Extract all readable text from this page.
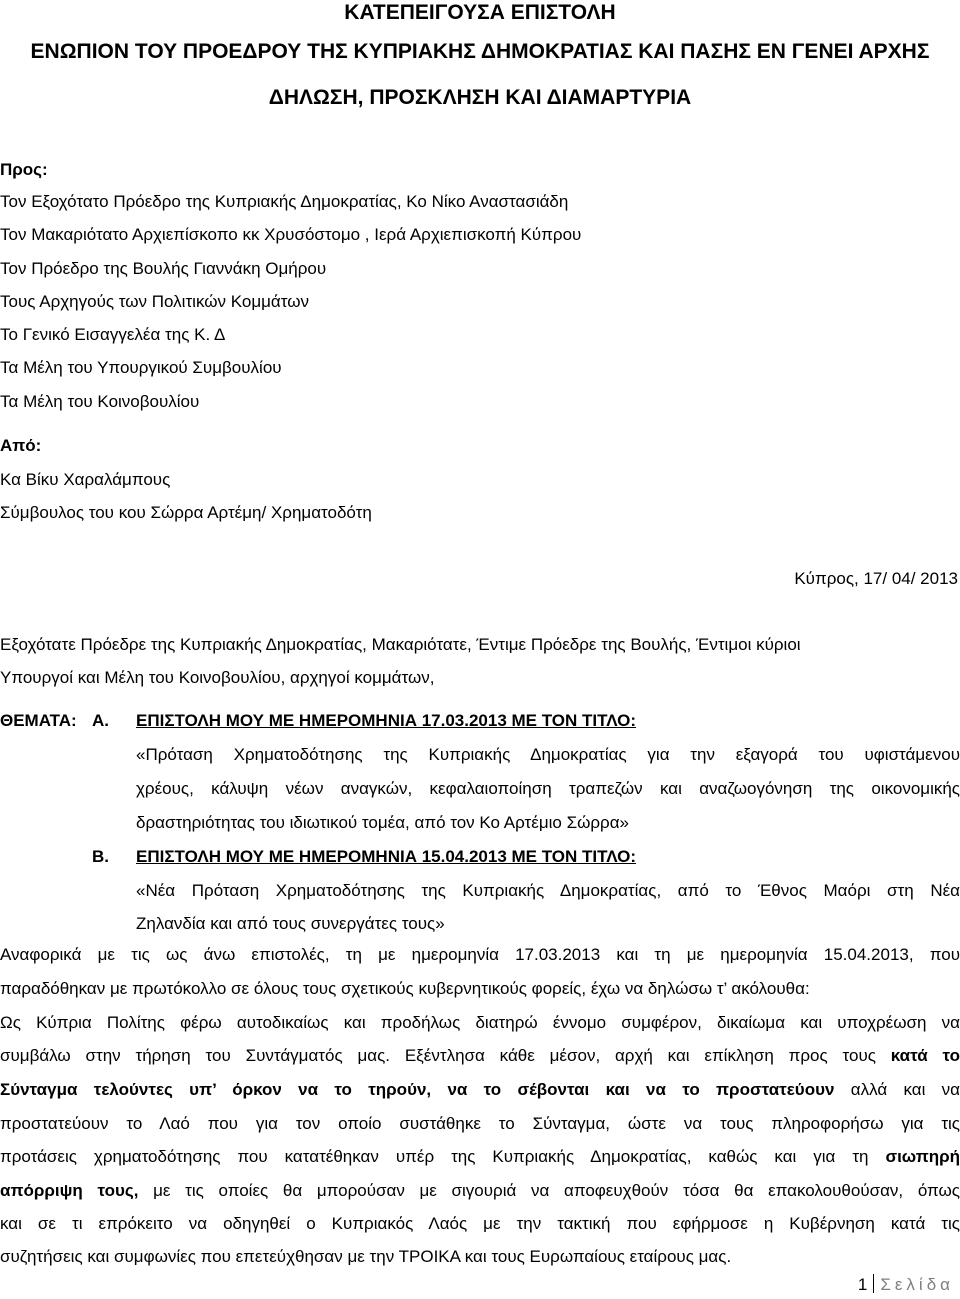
ΚΑΤΕΠΕΙΓΟΥΣΑ ΕΠΙΣΤΟΛΗ
ΕΝΩΠΙΟΝ ΤΟΥ ΠΡΟΕΔΡΟΥ ΤΗΣ ΚΥΠΡΙΑΚΗΣ ΔΗΜΟΚΡΑΤΙΑΣ ΚΑΙ ΠΑΣΗΣ ΕΝ ΓΕΝΕΙ ΑΡΧΗΣ
ΔΗΛΩΣΗ, ΠΡΟΣΚΛΗΣΗ ΚΑΙ ΔΙΑΜΑΡΤΥΡΙΑ
Προς:
Τον Εξοχότατο Πρόεδρο της Κυπριακής Δημοκρατίας, Κο Νίκο Αναστασιάδη
Τον Μακαριότατο Αρχιεπίσκοπο κκ Χρυσόστομο , Ιερά Αρχιεπισκοπή Κύπρου
Τον Πρόεδρο της Βουλής Γιαννάκη Ομήρου
Τους Αρχηγούς των Πολιτικών Κομμάτων
Το Γενικό Εισαγγελέα της Κ. Δ
Τα Μέλη του Υπουργικού Συμβουλίου
Τα Μέλη του Κοινοβουλίου
Από:
Κα Βίκυ Χαραλάμπους
Σύμβουλος του κου Σώρρα Αρτέμη/ Χρηματοδότη
Κύπρος, 17/ 04/ 2013
Εξοχότατε Πρόεδρε της Κυπριακής Δημοκρατίας, Μακαριότατε, Έντιμε Πρόεδρε της Βουλής, Έντιμοι κύριοι
Υπουργοί και Μέλη του Κοινοβουλίου, αρχηγοί κομμάτων,
ΘΕΜΑΤΑ: Α. ΕΠΙΣΤΟΛΗ ΜΟΥ ΜΕ ΗΜΕΡΟΜΗΝΙΑ 17.03.2013 ΜΕ ΤΟΝ ΤΙΤΛΟ:
«Πρόταση Χρηματοδότησης της Κυπριακής Δημοκρατίας για την εξαγορά του υφιστάμενου
χρέους, κάλυψη νέων αναγκών, κεφαλαιοποίηση τραπεζών και αναζωογόνηση της οικονομικής
δραστηριότητας του ιδιωτικού τομέα, από τον Κο Αρτέμιο Σώρρα»
Β. ΕΠΙΣΤΟΛΗ ΜΟΥ ΜΕ ΗΜΕΡΟΜΗΝΙΑ 15.04.2013 ΜΕ ΤΟΝ ΤΙΤΛΟ:
«Νέα Πρόταση Χρηματοδότησης της Κυπριακής Δημοκρατίας, από το Έθνος Μαόρι στη Νέα
Ζηλανδία και από τους συνεργάτες τους»
Αναφορικά με τις ως άνω επιστολές, τη με ημερομηνία 17.03.2013 και τη με ημερομηνία 15.04.2013, που
παραδόθηκαν με πρωτόκολλο σε όλους τους σχετικούς κυβερνητικούς φορείς, έχω να δηλώσω τ’ ακόλουθα:
Ως Κύπρια Πολίτης φέρω αυτοδικαίως και προδήλως διατηρώ έννομο συμφέρον, δικαίωμα και υποχρέωση να
συμβάλω στην τήρηση του Συντάγματός μας. Εξέντλησα κάθε μέσον, αρχή και επίκληση προς τους κατά το
Σύνταγμα τελούντες υπ’ όρκον να το τηρούν, να το σέβονται και να το προστατεύουν αλλά και να
προστατεύουν το Λαό που για τον οποίο συστάθηκε το Σύνταγμα, ώστε να τους πληροφορήσω για τις
προτάσεις χρηματοδότησης που κατατέθηκαν υπέρ της Κυπριακής Δημοκρατίας, καθώς και για τη σιωπηρή
απόρριψη τους, με τις οποίες θα μπορούσαν με σιγουριά να αποφευχθούν τόσα θα επακολουθούσαν, όπως
και σε τι επρόκειτο να οδηγηθεί ο Κυπριακός Λαός με την τακτική που εφήρμοσε η Κυβέρνηση κατά τις
συζητήσεις και συμφωνίες που επετεύχθησαν με την ΤΡΟΙΚΑ και τους Ευρωπαίους εταίρους μας.
1 Σελίδα
